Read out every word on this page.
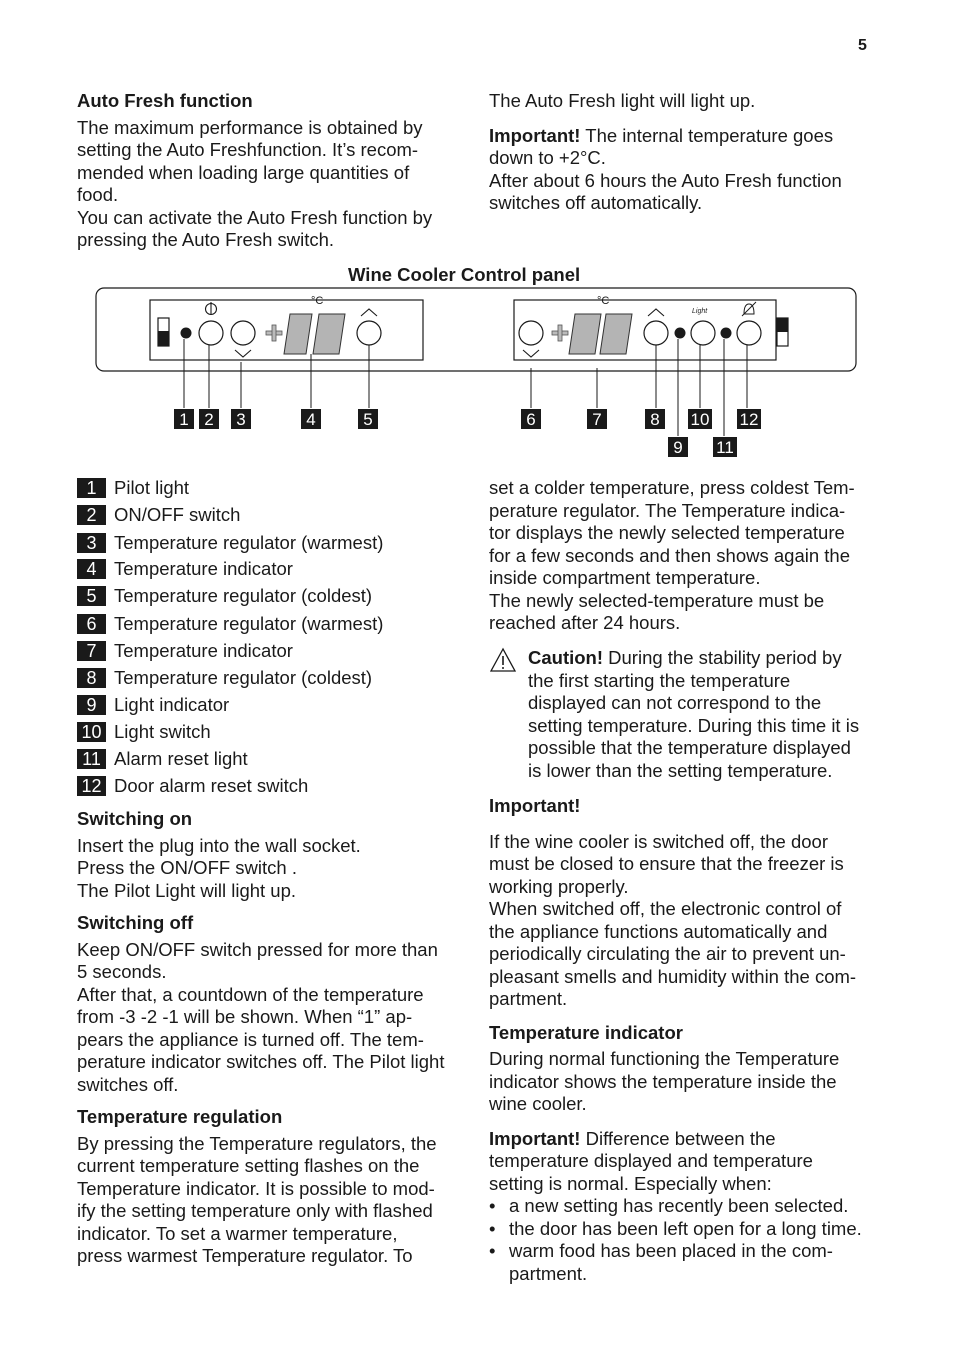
5

Auto Fresh function

The maximum performance is obtained by

setting the Auto Freshfunction. It’s recom-

mended when loading large quantities of

food.

You can activate the Auto Fresh function by

pressing the Auto Fresh switch.

The Auto Fresh light will light up.

Important! The internal temperature goes

down to +2°C.

After about 6 hours the Auto Fresh function

switches off automatically.

Wine Cooler Control panel
°C	°C
Light
1 2 3	4	5	6	7	8
9
10
11
12
1 Pilot light
2 ON/OFF switch
3 Temperature regulator (warmest)
4 Temperature indicator
5 Temperature regulator (coldest)
6 Temperature regulator (warmest)
7 Temperature indicator
8 Temperature regulator (coldest)
9 Light indicator
10 Light switch
11 Alarm reset light
12 Door alarm reset switch

Switching on

Insert the plug into the wall socket.

Press the ON/OFF switch .

The Pilot Light will light up.

Switching off

Keep ON/OFF switch pressed for more than

5 seconds.

After that, a countdown of the temperature

from -3 -2 -1 will be shown. When “1” ap-

pears the appliance is turned off. The tem-

perature indicator switches off. The Pilot light

switches off.

Temperature regulation

By pressing the Temperature regulators, the

current temperature setting flashes on the

Temperature indicator. It is possible to mod-

ify the setting temperature only with flashed

indicator. To set a warmer temperature,

press warmest Temperature regulator. To

set a colder temperature, press coldest Tem-

perature regulator. The Temperature indica-

tor displays the newly selected temperature

for a few seconds and then shows again the

inside compartment temperature.

The newly selected-temperature must be

reached after 24 hours.

Caution! During the stability period by

the first starting the temperature

displayed can not correspond to the

setting temperature. During this time it is

possible that the temperature displayed

is lower than the setting temperature.

Important!

If the wine cooler is switched off, the door

must be closed to ensure that the freezer is

working properly.

When switched off, the electronic control of

the appliance functions automatically and

periodically circulating the air to prevent un-

pleasant smells and humidity within the com-

partment.

Temperature indicator

During normal functioning the Temperature

indicator shows the temperature inside the

wine cooler.

Important! Difference between the

temperature displayed and temperature

setting is normal. Especially when:

• a new setting has recently been selected.

• the door has been left open for a long time.

• warm food has been placed in the com-

partment.
